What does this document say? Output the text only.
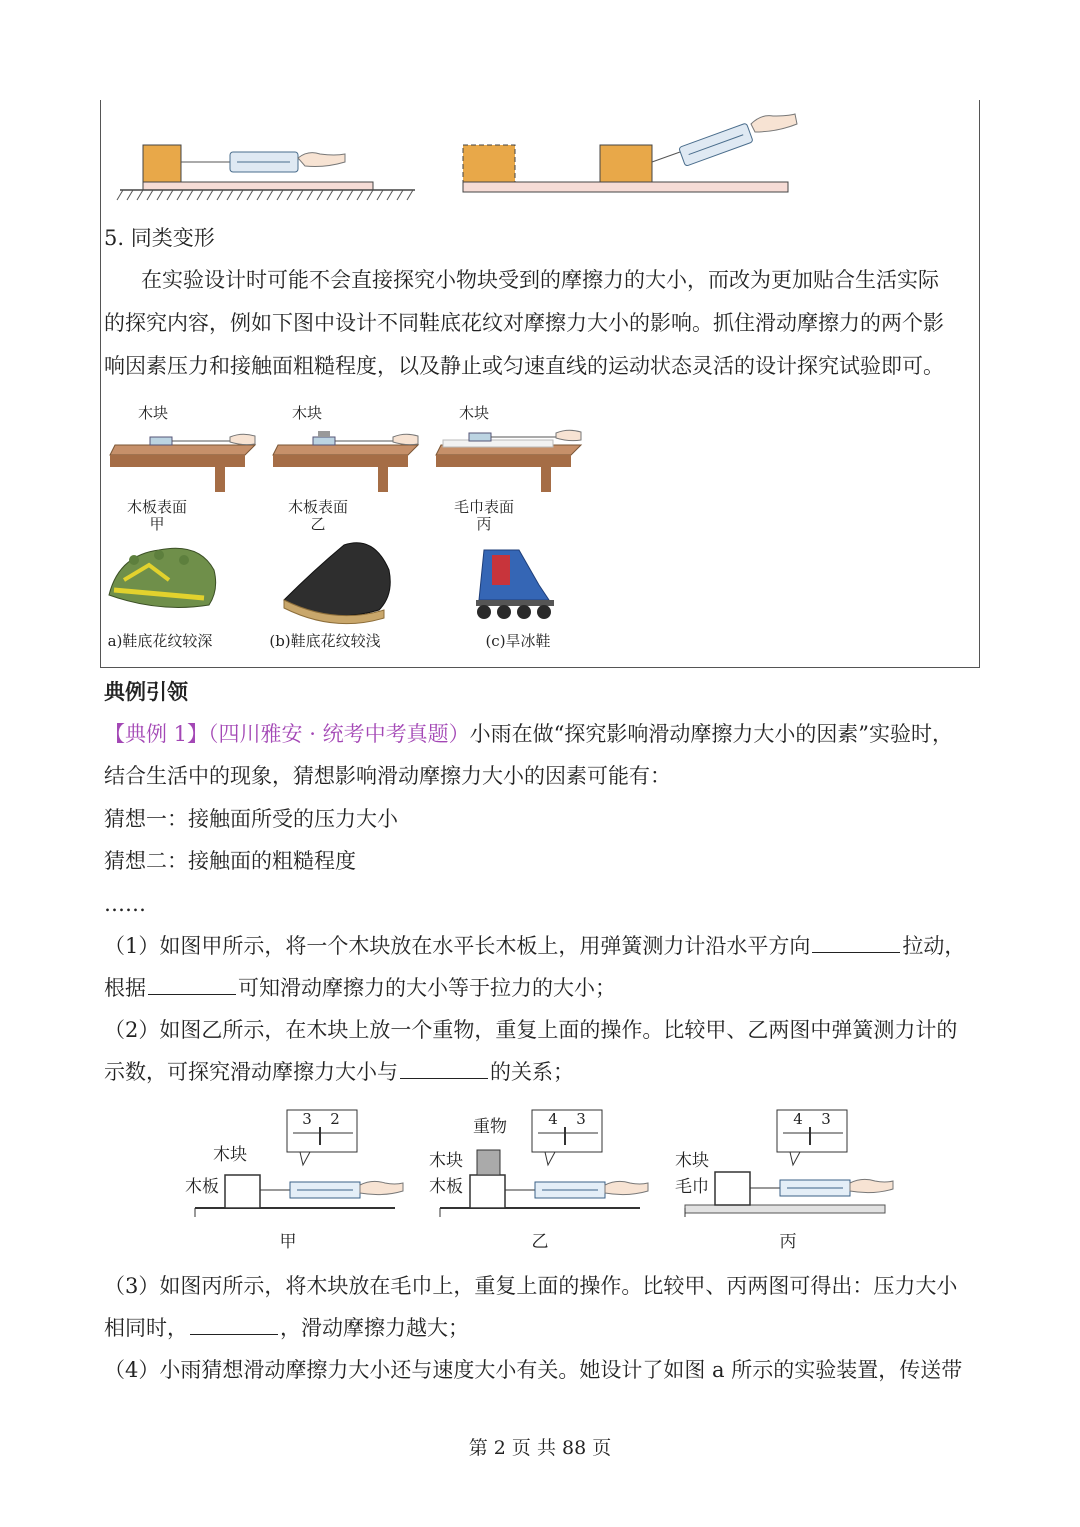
5. 同类变形
在实验设计时可能不会直接探究小物块受到的摩擦力的大小，而改为更加贴合生活实际
的探究内容，例如下图中设计不同鞋底花纹对摩擦力大小的影响。抓住滑动摩擦力的两个影
响因素压力和接触面粗糙程度，以及静止或匀速直线的运动状态灵活的设计探究试验即可。
木块	木块	木块
木板表面	木板表面	毛巾表面
甲	乙	丙
a)鞋底花纹较深	(b)鞋底花纹较浅	(c)旱冰鞋
典例引领
【典例 1】（四川雅安 · 统考中考真题）小雨在做“探究影响滑动摩擦力大小的因素”实验时，
结合生活中的现象，猜想影响滑动摩擦力大小的因素可能有：
猜想一：接触面所受的压力大小
猜想二：接触面的粗糙程度
……
（1）如图甲所示，将一个木块放在水平长木板上，用弹簧测力计沿水平方向	拉动，
根据	可知滑动摩擦力的大小等于拉力的大小；
（2）如图乙所示，在木块上放一个重物，重复上面的操作。比较甲、乙两图中弹簧测力计的
示数，可探究滑动摩擦力大小与	的关系；
3 2
木块
木板
甲
4 3
重物
木块
木板
乙
4 3
木块
毛巾
丙
（3）如图丙所示，将木块放在毛巾上，重复上面的操作。比较甲、丙两图可得出：压力大小
相同时，	，滑动摩擦力越大；
（4）小雨猜想滑动摩擦力大小还与速度大小有关。她设计了如图 a 所示的实验装置，传送带
第 2 页 共 88 页
